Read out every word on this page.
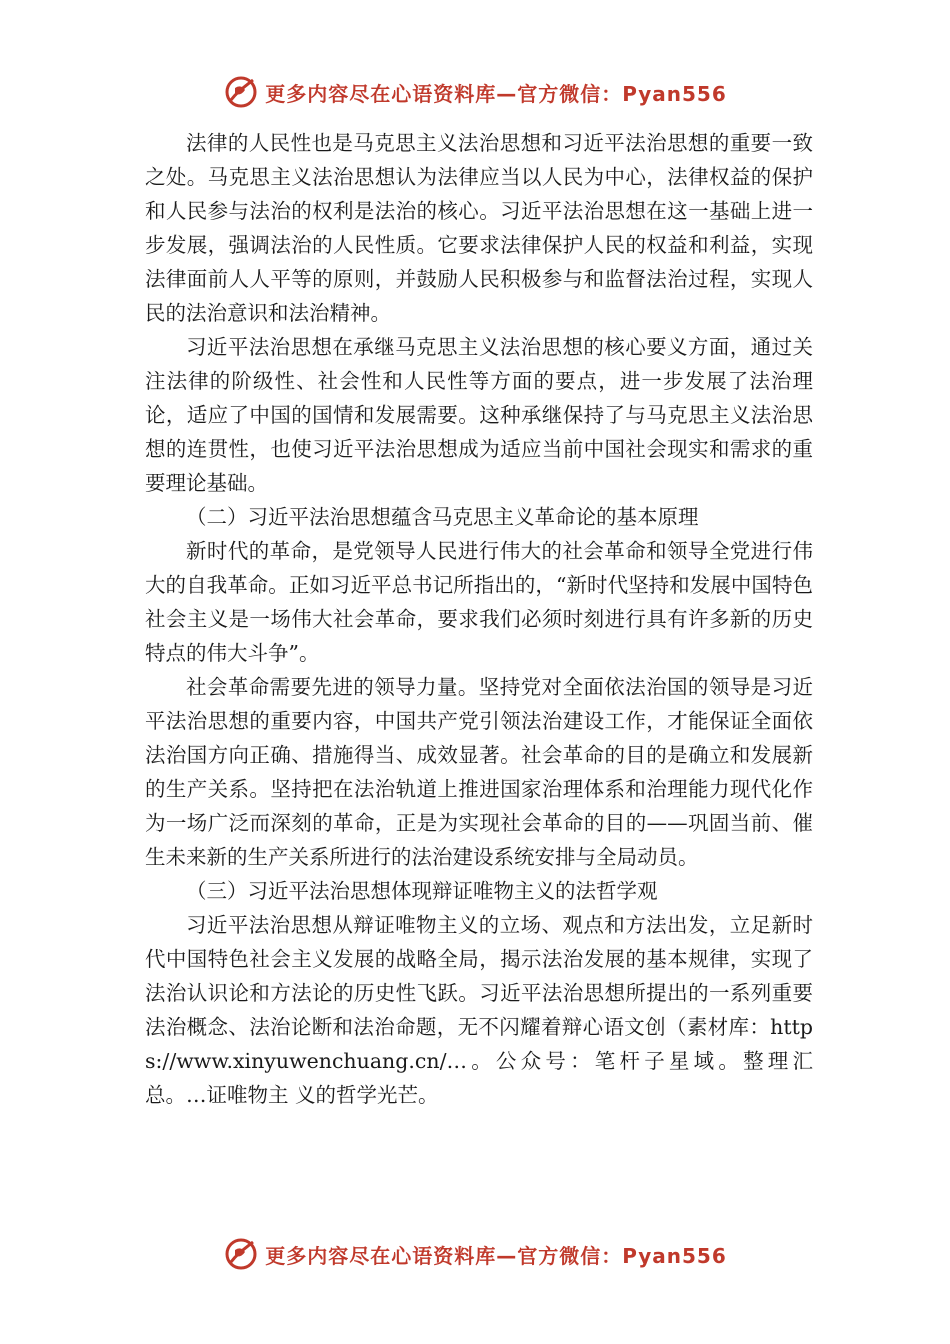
更多内容尽在心语资料库—官方微信：Pyan556

法律的人民性也是马克思主义法治思想和习近平法治思想的重要一致之处。马克思主义法治思想认为法律应当以人民为中心，法律权益的保护和人民参与法治的权利是法治的核心。习近平法治思想在这一基础上进一步发展，强调法治的人民性质。它要求法律保护人民的权益和利益，实现法律面前人人平等的原则，并鼓励人民积极参与和监督法治过程，实现人民的法治意识和法治精神。

习近平法治思想在承继马克思主义法治思想的核心要义方面，通过关注法律的阶级性、社会性和人民性等方面的要点，进一步发展了法治理论，适应了中国的国情和发展需要。这种承继保持了与马克思主义法治思想的连贯性，也使习近平法治思想成为适应当前中国社会现实和需求的重要理论基础。

（二）习近平法治思想蕴含马克思主义革命论的基本原理

新时代的革命，是党领导人民进行伟大的社会革命和领导全党进行伟大的自我革命。正如习近平总书记所指出的，“新时代坚持和发展中国特色社会主义是一场伟大社会革命，要求我们必须时刻进行具有许多新的历史特点的伟大斗争”。

社会革命需要先进的领导力量。坚持党对全面依法治国的领导是习近平法治思想的重要内容，中国共产党引领法治建设工作，才能保证全面依法治国方向正确、措施得当、成效显著。社会革命的目的是确立和发展新的生产关系。坚持把在法治轨道上推进国家治理体系和治理能力现代化作为一场广泛而深刻的革命，正是为实现社会革命的目的——巩固当前、催生未来新的生产关系所进行的法治建设系统安排与全局动员。

（三）习近平法治思想体现辩证唯物主义的法哲学观

习近平法治思想从辩证唯物主义的立场、观点和方法出发，立足新时代中国特色社会主义发展的战略全局，揭示法治发展的基本规律，实现了法治认识论和方法论的历史性飞跃。习近平法治思想所提出的一系列重要法治概念、法治论断和法治命题，无不闪耀着辩心语文创（素材库：https://www.xinyuwenchuang.cn/…。公众号：笔杆子星域。整理汇总。…证唯物主 义的哲学光芒。

更多内容尽在心语资料库—官方微信：Pyan556
